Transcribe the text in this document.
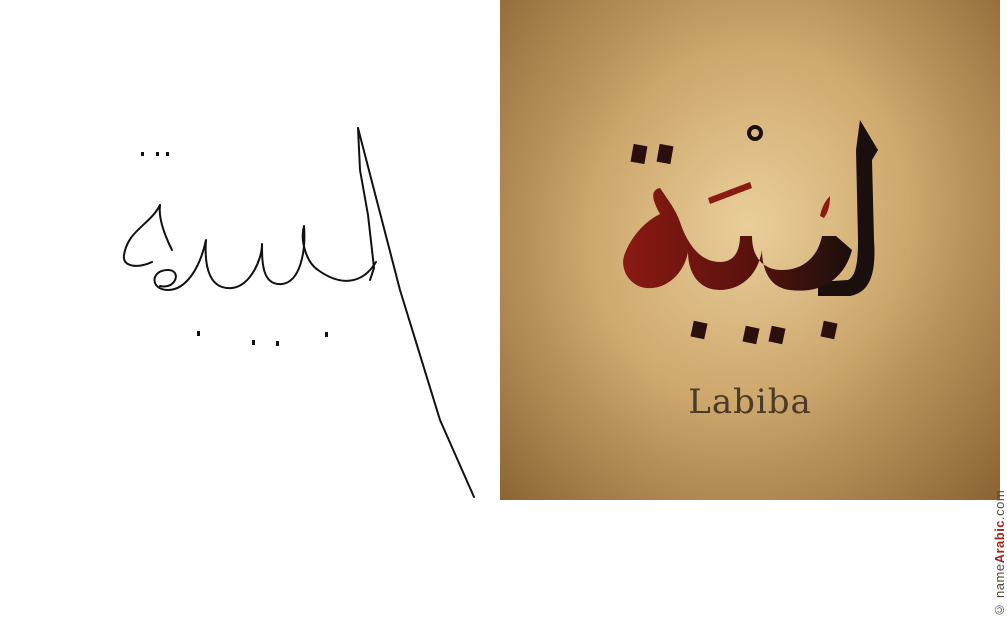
Labiba
© nameArabic.com
